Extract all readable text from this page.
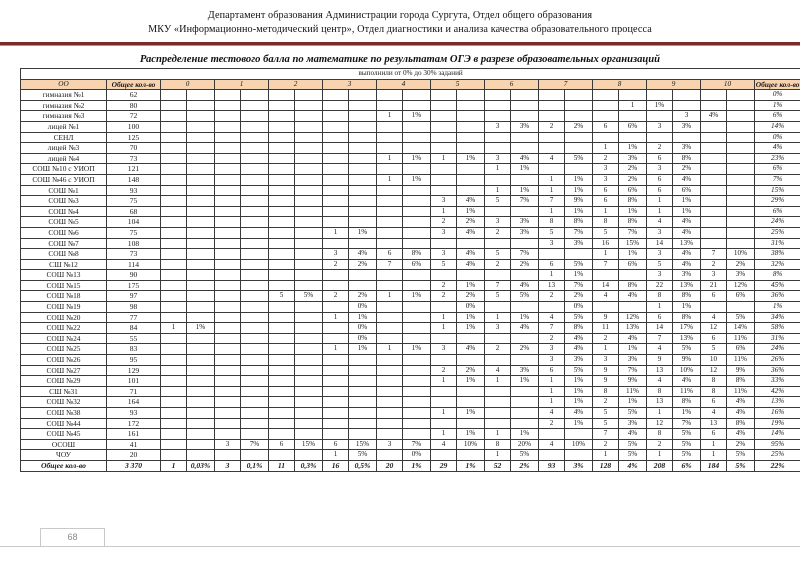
Департамент образования Администрации города Сургута, Отдел общего образования
МКУ «Информационно-методический центр», Отдел диагностики и анализа качества образовательного процесса
Распределение тестового балла по математике по результатам ОГЭ в разрезе образовательных организаций
выполнили от 0% до 30% заданий																								
ОО	Общее кол-во	0		1		2		3		4		5		6		7		8		9		10		Общее кол-во
гимназия №1	62																							0%
гимназия №2	80																		1	1%				1%
гимназия №3	72									1	1%										3	4%		6%
лицей №1	100													3	3%	2	2%	6	6%	3	3%			14%
СЕНЛ	125																							0%
лицей №3	70																	1	1%	2	3%			4%
лицей №4	73									1	1%	1	1%	3	4%	4	5%	2	3%	6	8%			23%
СОШ №10 с УИОП	121													1	1%			3	2%	3	2%			6%
СОШ №46 с УИОП	148									1	1%					1	1%	3	2%	6	4%			7%
СОШ №1	93													1	1%	1	1%	6	6%	6	6%			15%
СОШ №3	75											3	4%	5	7%	7	9%	6	8%	1	1%			29%
СОШ №4	68											1	1%			1	1%	1	1%	1	1%			6%
СОШ №5	104											2	2%	3	3%	8	8%	8	8%	4	4%			24%
СОШ №6	75							1	1%			3	4%	2	3%	5	7%	5	7%	3	4%			25%
СОШ №7	108															3	3%	16	15%	14	13%			31%
СОШ №8	73							3	4%	6	8%	3	4%	5	7%			1	1%	3	4%	7	10%	38%
СШ №12	114							2	2%	7	6%	5	4%	2	2%	6	5%	7	6%	5	4%	2	2%	32%
СОШ №13	90															1	1%			3	3%	3	3%	8%
СОШ №15	175											2	1%	7	4%	13	7%	14	8%	22	13%	21	12%	45%
СОШ №18	97					5	5%	2	2%	1	1%	2	2%	5	5%	2	2%	4	4%	8	8%	6	6%	36%
СОШ №19	98								0%				0%				0%			1	1%			1%
СОШ №20	77							1	1%			1	1%	1	1%	4	5%	9	12%	6	8%	4	5%	34%
СОШ №22	84	1	1%						0%			1	1%	3	4%	7	8%	11	13%	14	17%	12	14%	58%
СОШ №24	55								0%							2	4%	2	4%	7	13%	6	11%	31%
СОШ №25	83							1	1%	1	1%	3	4%	2	2%	3	4%	1	1%	4	5%	5	6%	24%
СОШ №26	95															3	3%	3	3%	9	9%	10	11%	26%
СОШ №27	129											2	2%	4	3%	6	5%	9	7%	13	10%	12	9%	36%
СОШ №29	101											1	1%	1	1%	1	1%	9	9%	4	4%	8	8%	33%
СШ №31	71															1	1%	8	11%	8	11%	8	11%	42%
СОШ №32	164															1	1%	2	1%	13	8%	6	4%	13%
СОШ №38	93											1	1%			4	4%	5	5%	1	1%	4	4%	16%
СОШ №44	172															2	1%	5	3%	12	7%	13	8%	19%
СОШ №45	161											1	1%	1	1%			7	4%	8	5%	6	4%	14%
ОСОШ	41			3	7%	6	15%	6	15%	3	7%	4	10%	8	20%	4	10%	2	5%	2	5%	1	2%	95%
ЧОУ	20							1	5%		0%			1	5%			1	5%	1	5%	1	5%	25%
Общее кол-во	3 370	1	0,03%	3	0,1%	11	0,3%	16	0,5%	20	1%	29	1%	52	2%	93	3%	128	4%	208	6%	184	5%	22%
68
